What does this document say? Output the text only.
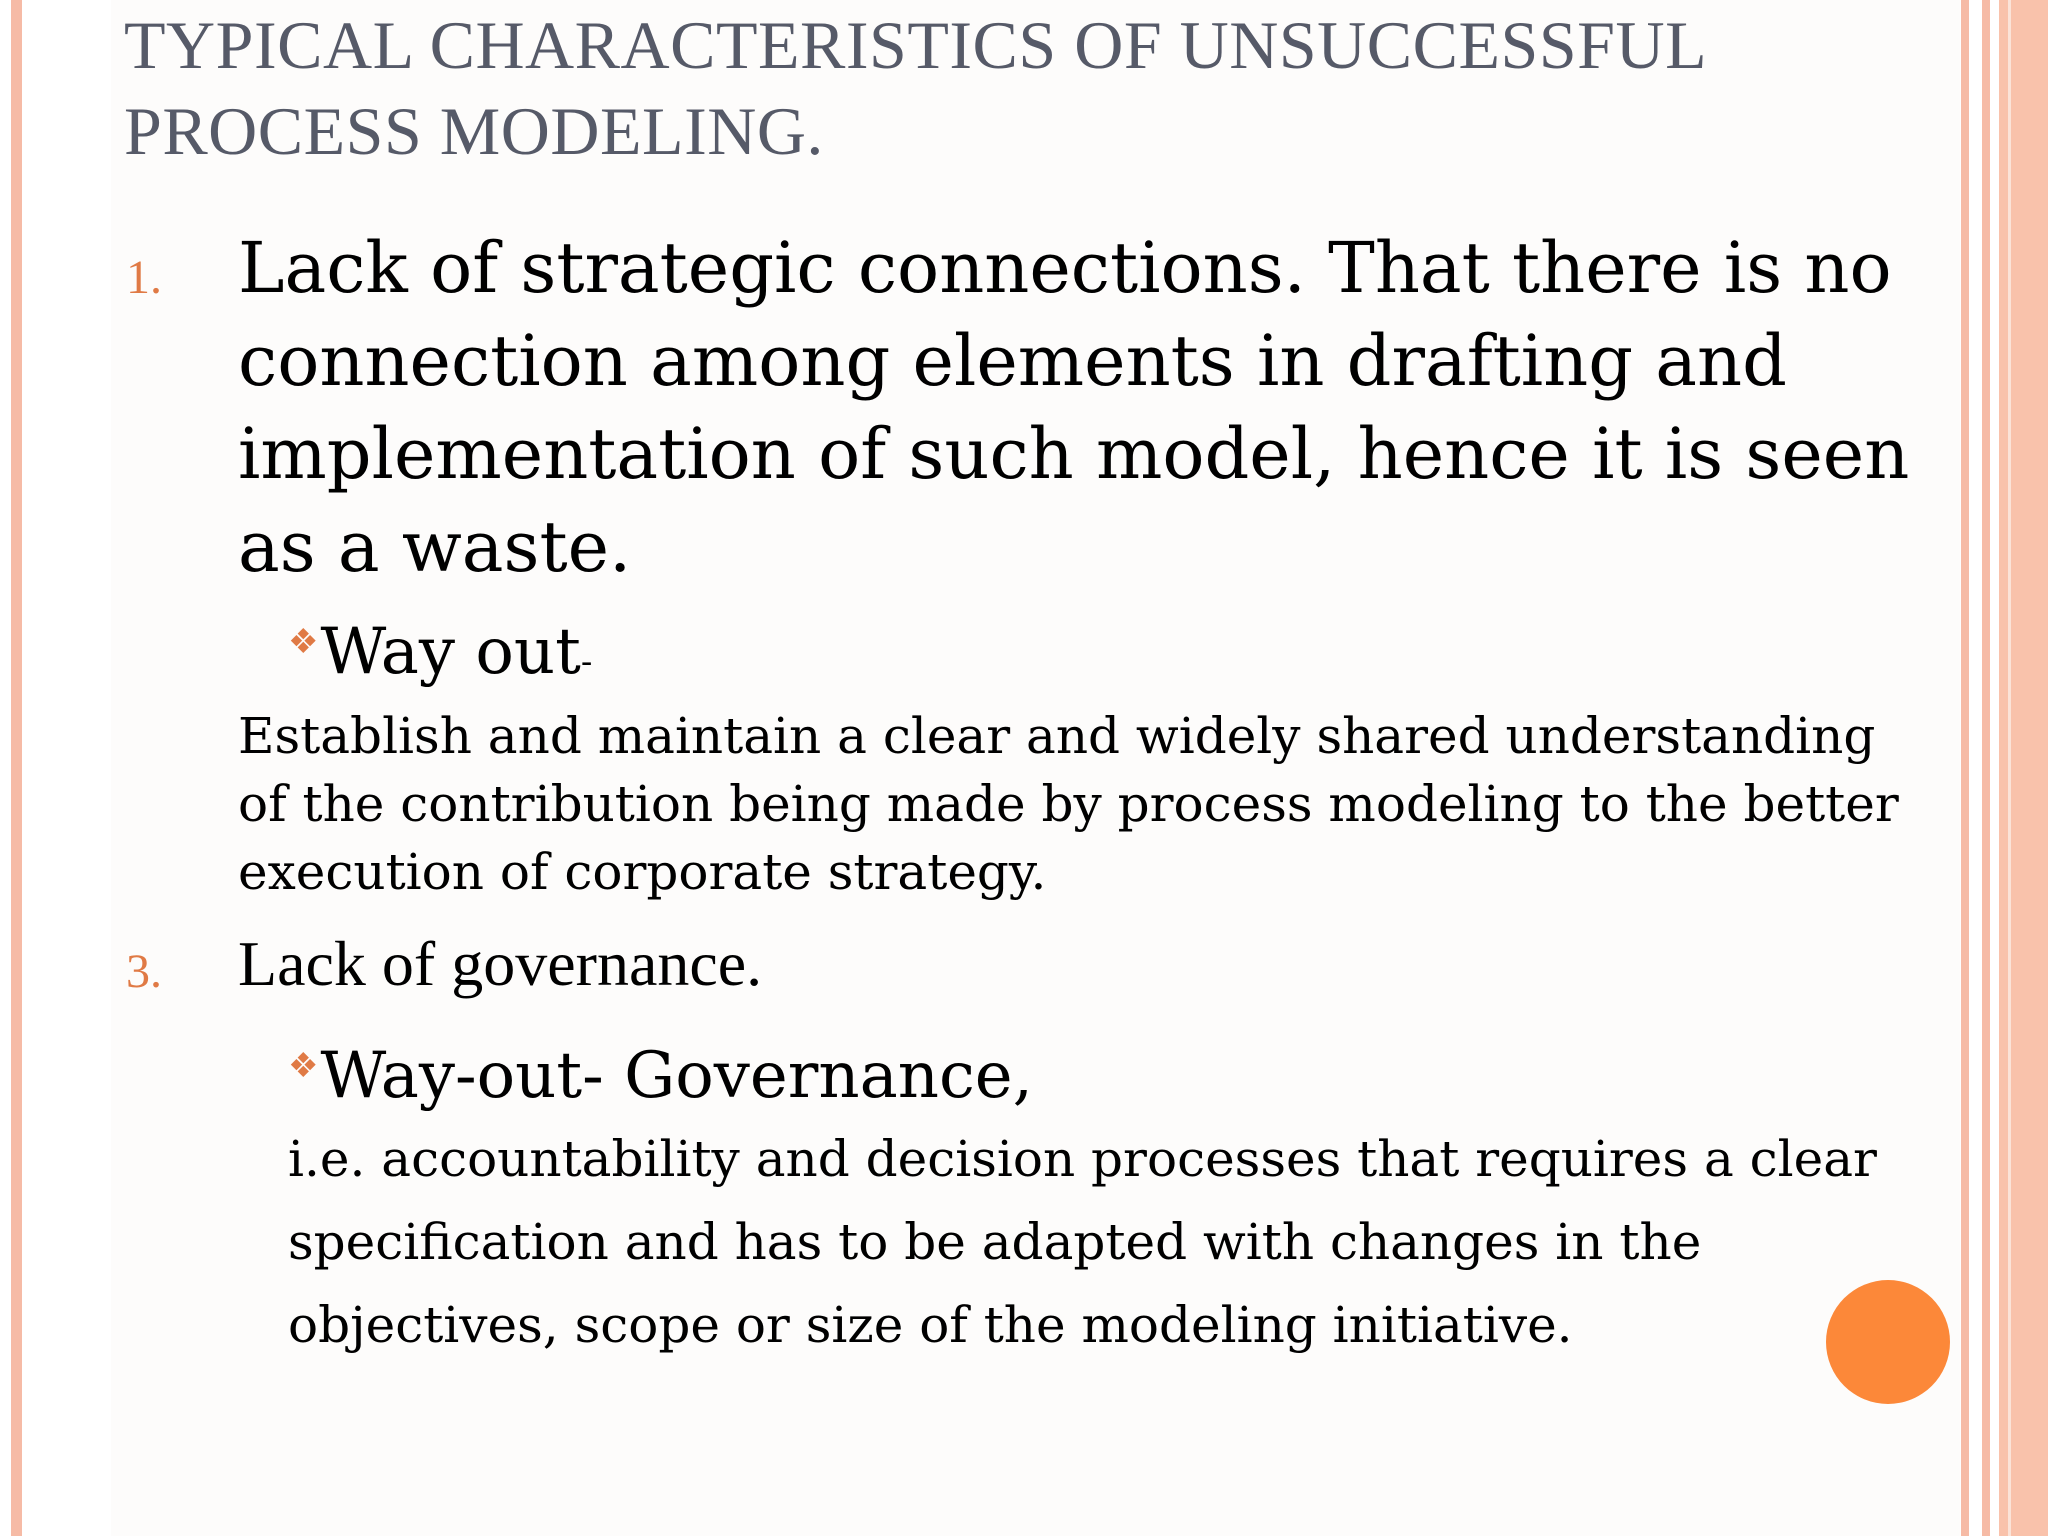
TYPICAL CHARACTERISTICS OF UNSUCCESSFUL PROCESS MODELING.
1. Lack of strategic connections. That there is no connection among elements in drafting and implementation of such model, hence it is seen as a waste.
❖Way out-
Establish and maintain a clear and widely shared understanding of the contribution being made by process modeling to the better execution of corporate strategy.
3. Lack of governance.
❖Way-out- Governance,
i.e. accountability and decision processes that requires a clear specification and has to be adapted with changes in the objectives, scope or size of the modeling initiative.
